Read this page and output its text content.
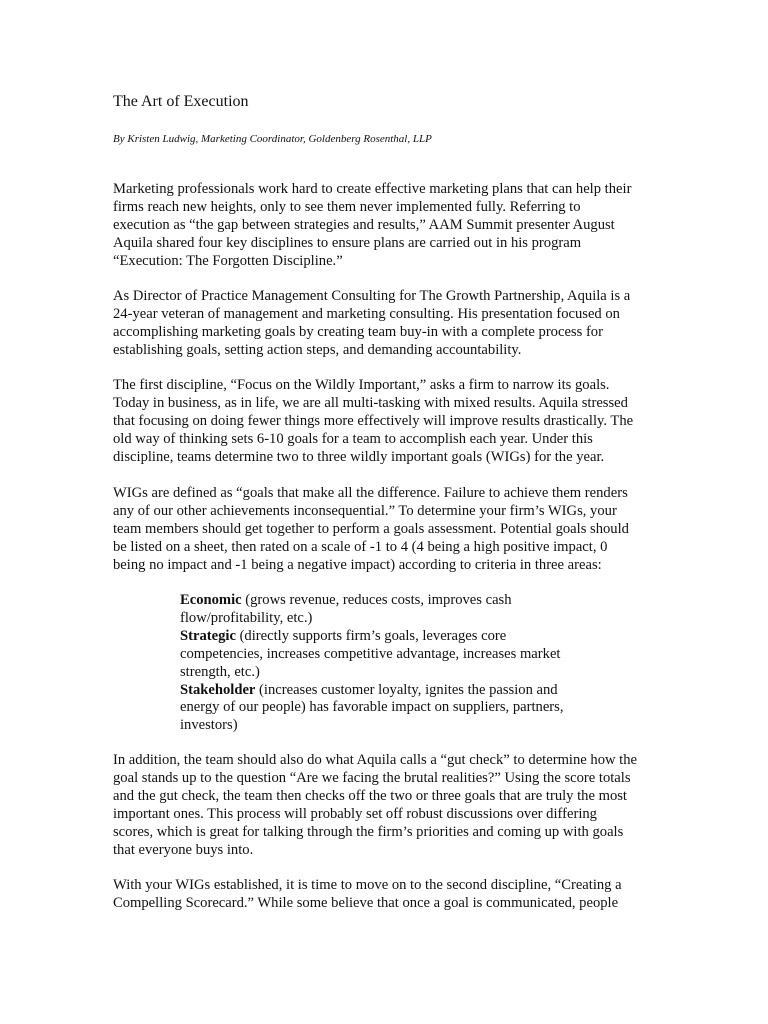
The Art of Execution

By Kristen Ludwig, Marketing Coordinator, Goldenberg Rosenthal, LLP

Marketing professionals work hard to create effective marketing plans that can help their
firms reach new heights, only to see them never implemented fully. Referring to
execution as “the gap between strategies and results,” AAM Summit presenter August
Aquila shared four key disciplines to ensure plans are carried out in his program
“Execution: The Forgotten Discipline.”

As Director of Practice Management Consulting for The Growth Partnership, Aquila is a
24-year veteran of management and marketing consulting. His presentation focused on
accomplishing marketing goals by creating team buy-in with a complete process for
establishing goals, setting action steps, and demanding accountability.

The first discipline, “Focus on the Wildly Important,” asks a firm to narrow its goals.
Today in business, as in life, we are all multi-tasking with mixed results. Aquila stressed
that focusing on doing fewer things more effectively will improve results drastically. The
old way of thinking sets 6-10 goals for a team to accomplish each year. Under this
discipline, teams determine two to three wildly important goals (WIGs) for the year.

WIGs are defined as “goals that make all the difference. Failure to achieve them renders
any of our other achievements inconsequential.” To determine your firm’s WIGs, your
team members should get together to perform a goals assessment. Potential goals should
be listed on a sheet, then rated on a scale of -1 to 4 (4 being a high positive impact, 0
being no impact and -1 being a negative impact) according to criteria in three areas:

Economic (grows revenue, reduces costs, improves cash
flow/profitability, etc.)
Strategic (directly supports firm’s goals, leverages core
competencies, increases competitive advantage, increases market
strength, etc.)
Stakeholder (increases customer loyalty, ignites the passion and
energy of our people) has favorable impact on suppliers, partners,
investors)

In addition, the team should also do what Aquila calls a “gut check” to determine how the
goal stands up to the question “Are we facing the brutal realities?” Using the score totals
and the gut check, the team then checks off the two or three goals that are truly the most
important ones. This process will probably set off robust discussions over differing
scores, which is great for talking through the firm’s priorities and coming up with goals
that everyone buys into.

With your WIGs established, it is time to move on to the second discipline, “Creating a
Compelling Scorecard.” While some believe that once a goal is communicated, people
